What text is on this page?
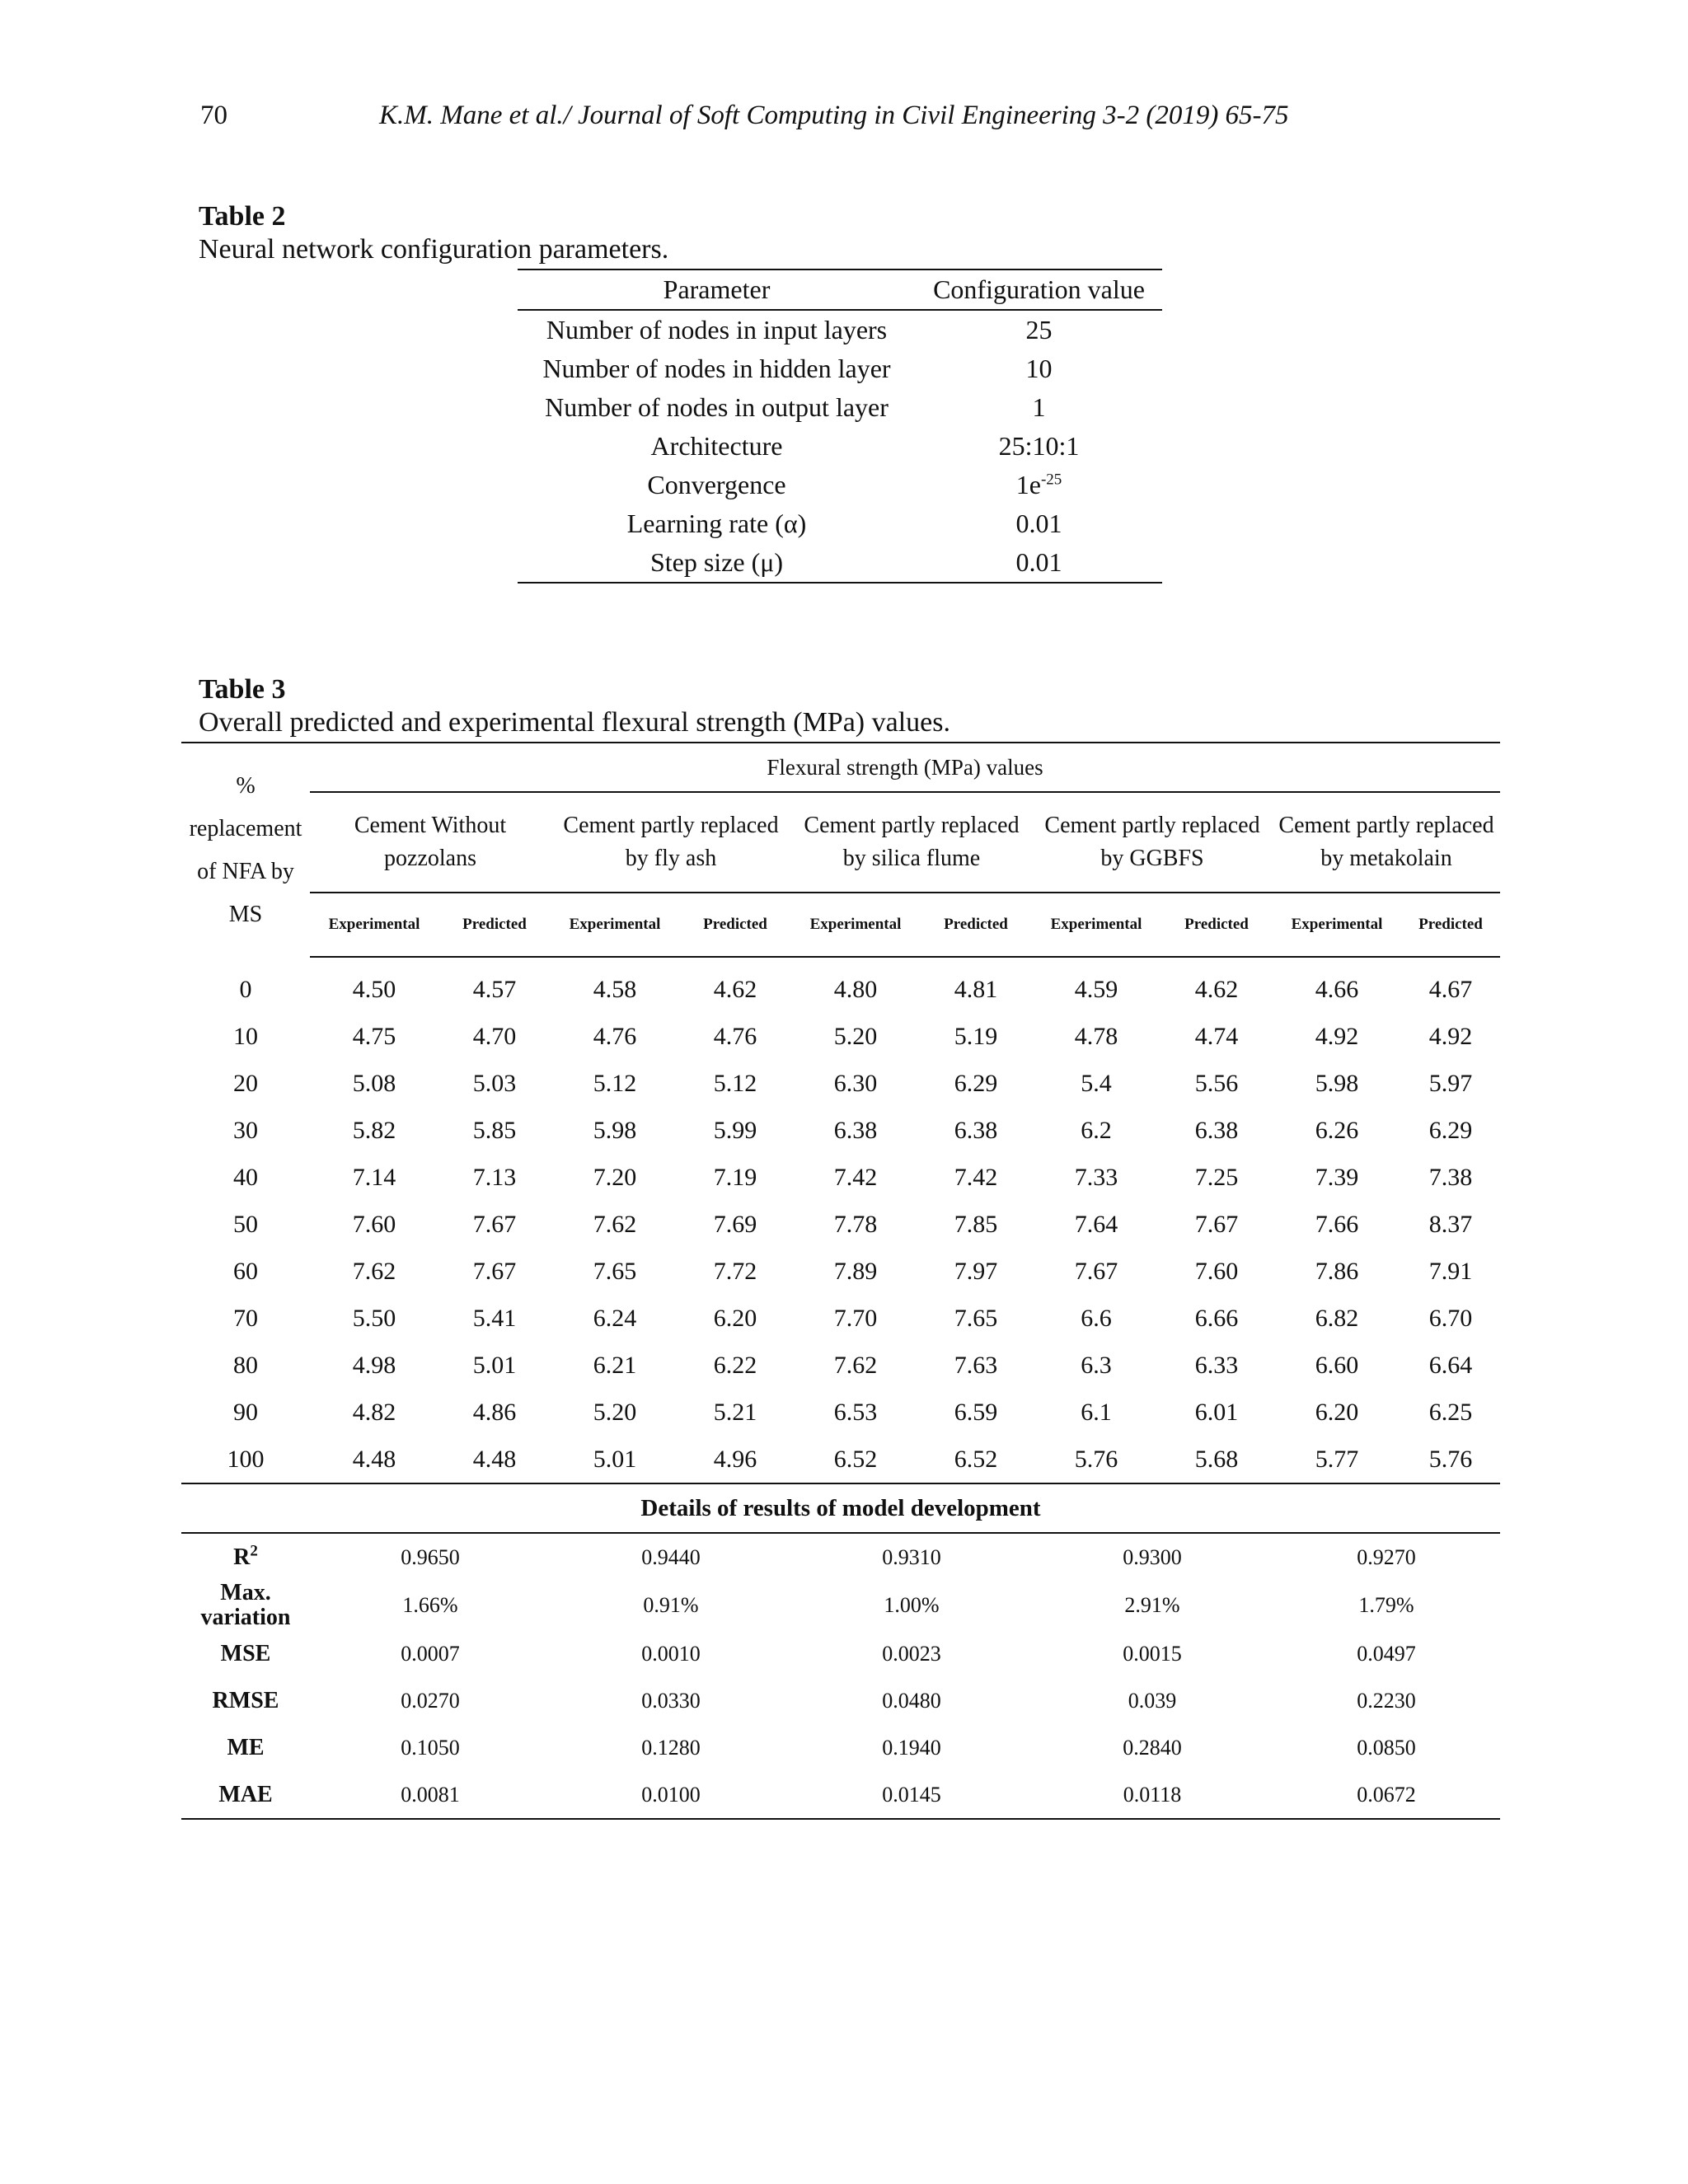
70	K.M. Mane et al./ Journal of Soft Computing in Civil Engineering 3-2 (2019) 65-75
Table 2
Neural network configuration parameters.
Parameter	Configuration value
Number of nodes in input layers	25
Number of nodes in hidden layer	10
Number of nodes in output layer	1
Architecture	25:10:1
Convergence	$1e^{-25}$
Learning rate (α)	0.01
Step size (μ)	0.01
Table 3
Overall predicted and experimental flexural strength (MPa) values.
% replacement of NFA by MS	Flexural strength (MPa) values									
	Cement Without pozzolans		Cement partly replaced by fly ash		Cement partly replaced by silica flume		Cement partly replaced by GGBFS		Cement partly replaced by metakolain	
	Experimental	Predicted	Experimental	Predicted	Experimental	Predicted	Experimental	Predicted	Experimental	Predicted

0	4.50	4.57	4.58	4.62	4.80	4.81	4.59	4.62	4.66	4.67
10	4.75	4.70	4.76	4.76	5.20	5.19	4.78	4.74	4.92	4.92
20	5.08	5.03	5.12	5.12	6.30	6.29	5.4	5.56	5.98	5.97
30	5.82	5.85	5.98	5.99	6.38	6.38	6.2	6.38	6.26	6.29
40	7.14	7.13	7.20	7.19	7.42	7.42	7.33	7.25	7.39	7.38
50	7.60	7.67	7.62	7.69	7.78	7.85	7.64	7.67	7.66	8.37
60	7.62	7.67	7.65	7.72	7.89	7.97	7.67	7.60	7.86	7.91
70	5.50	5.41	6.24	6.20	7.70	7.65	6.6	6.66	6.82	6.70
80	4.98	5.01	6.21	6.22	7.62	7.63	6.3	6.33	6.60	6.64
90	4.82	4.86	5.20	5.21	6.53	6.59	6.1	6.01	6.20	6.25
100	4.48	4.48	5.01	4.96	6.52	6.52	5.76	5.68	5.77	5.76
Details of results of model development										
$R^2$	0.9650		0.9440		0.9310		0.9300		0.9270	
Max. variation	1.66%		0.91%		1.00%		2.91%		1.79%	
MSE	0.0007		0.0010		0.0023		0.0015		0.0497	
RMSE	0.0270		0.0330		0.0480		0.039		0.2230	
ME	0.1050		0.1280		0.1940		0.2840		0.0850	
MAE	0.0081		0.0100		0.0145		0.0118		0.0672	
